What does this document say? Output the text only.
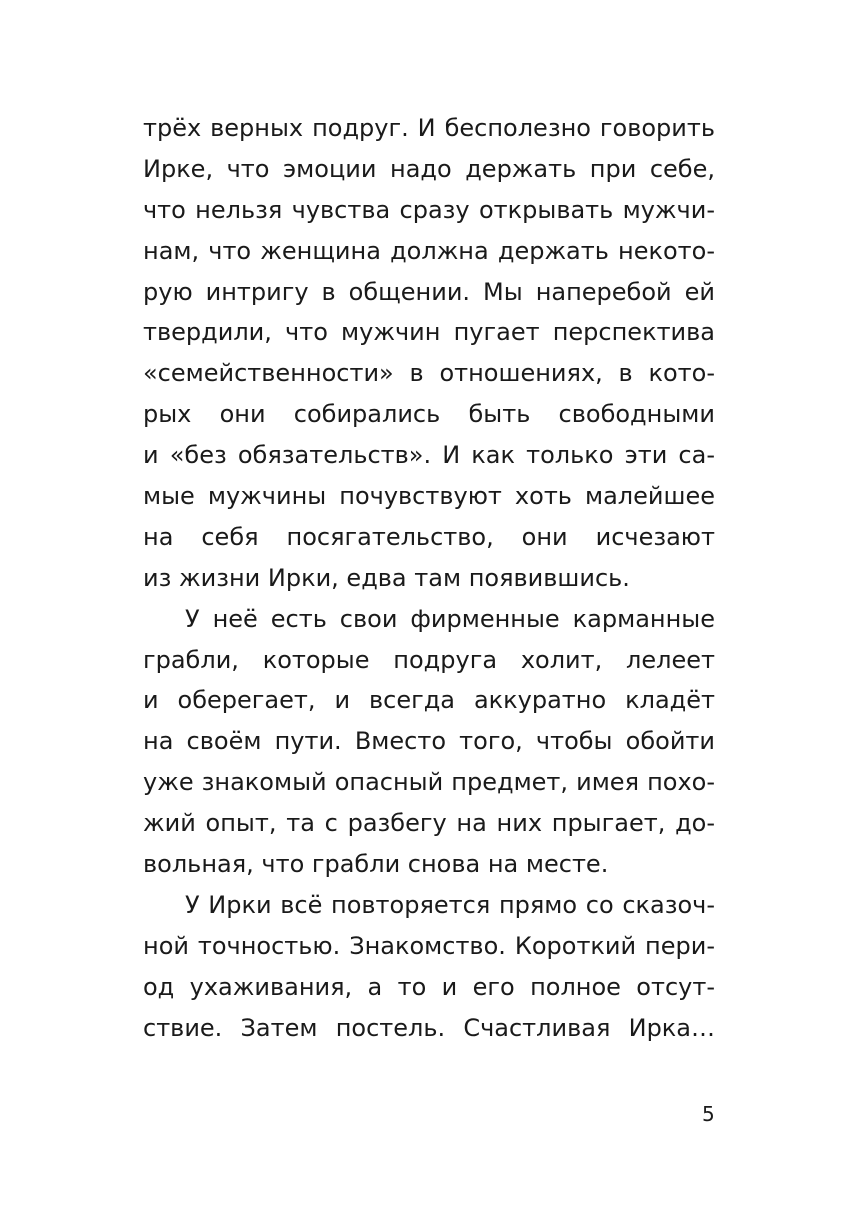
трёх верных подруг. И бесполезно говорить
Ирке, что эмоции надо держать при себе,
что нельзя чувства сразу открывать мужчи-
нам, что женщина должна держать некото-
рую интригу в общении. Мы наперебой ей
твердили, что мужчин пугает перспектива
«семейственности» в отношениях, в кото-
рых они собирались быть свободными
и «без обязательств». И как только эти са-
мые мужчины почувствуют хоть малейшее
на себя посягательство, они исчезают
из жизни Ирки, едва там появившись.
У неё есть свои фирменные карманные
грабли, которые подруга холит, лелеет
и оберегает, и всегда аккуратно кладёт
на своём пути. Вместо того, чтобы обойти
уже знакомый опасный предмет, имея похо-
жий опыт, та с разбегу на них прыгает, до-
вольная, что грабли снова на месте.
У Ирки всё повторяется прямо со сказоч-
ной точностью. Знакомство. Короткий пери-
од ухаживания, а то и его полное отсут-
ствие. Затем постель. Счастливая Ирка…
5
